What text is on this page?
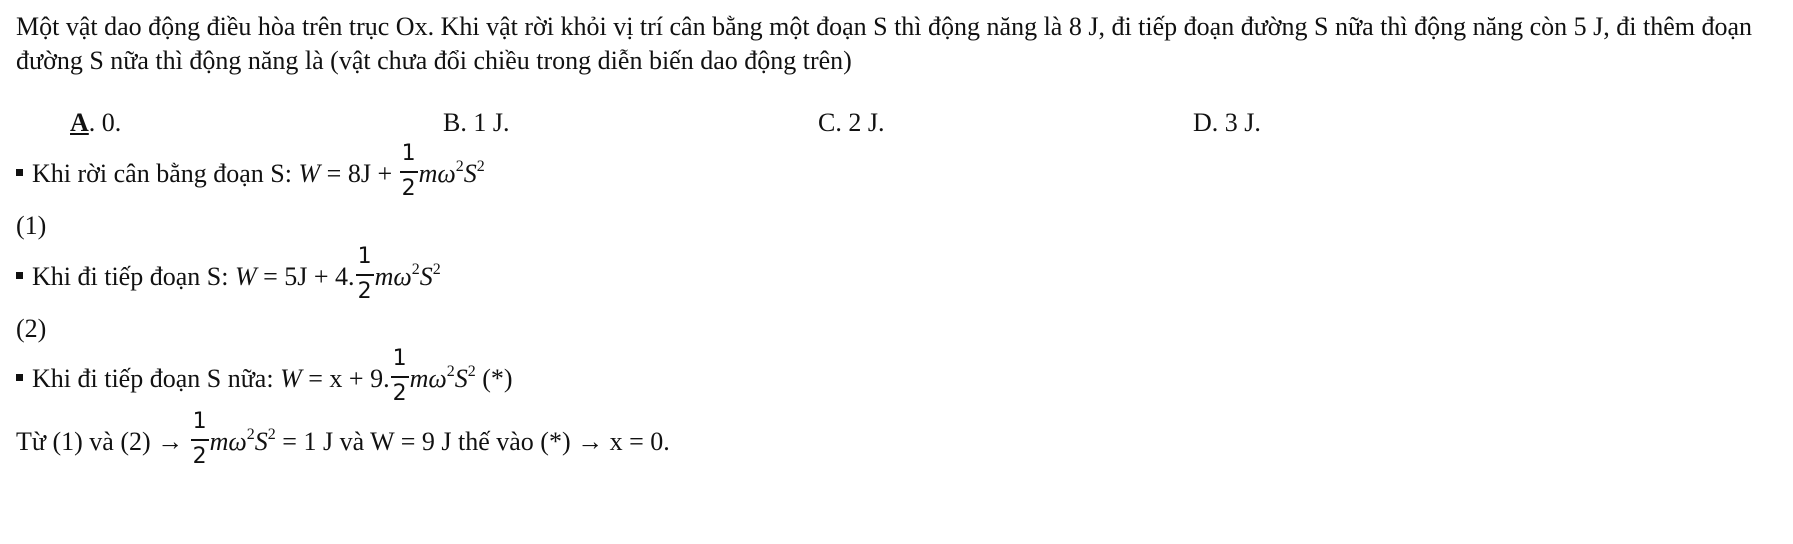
Một vật dao động điều hòa trên trục Ox. Khi vật rời khỏi vị trí cân bằng một đoạn S thì động năng là 8 J, đi tiếp đoạn đường S nữa thì động năng còn 5 J, đi thêm đoạn đường S nữa thì động năng là (vật chưa đổi chiều trong diễn biến dao động trên)
A. 0.	B. 1 J.	C. 2 J.	D. 3 J.
Khi rời cân bằng đoạn S: $W = 8J + \frac{1}{2} m\omega^2S^2$
(1)
Khi đi tiếp đoạn S: W = 5J + 4. $\frac{1}{2} m\omega^2S^2$
(2)
Khi đi tiếp đoạn S nữa: W = x + 9. $\frac{1}{2} m\omega^2S^2$ (*)
Từ (1) và $(2) \to \frac{1}{2} m\omega^2S^2 = 1$ J và W = 9 J thế vào (*) → x = 0.
